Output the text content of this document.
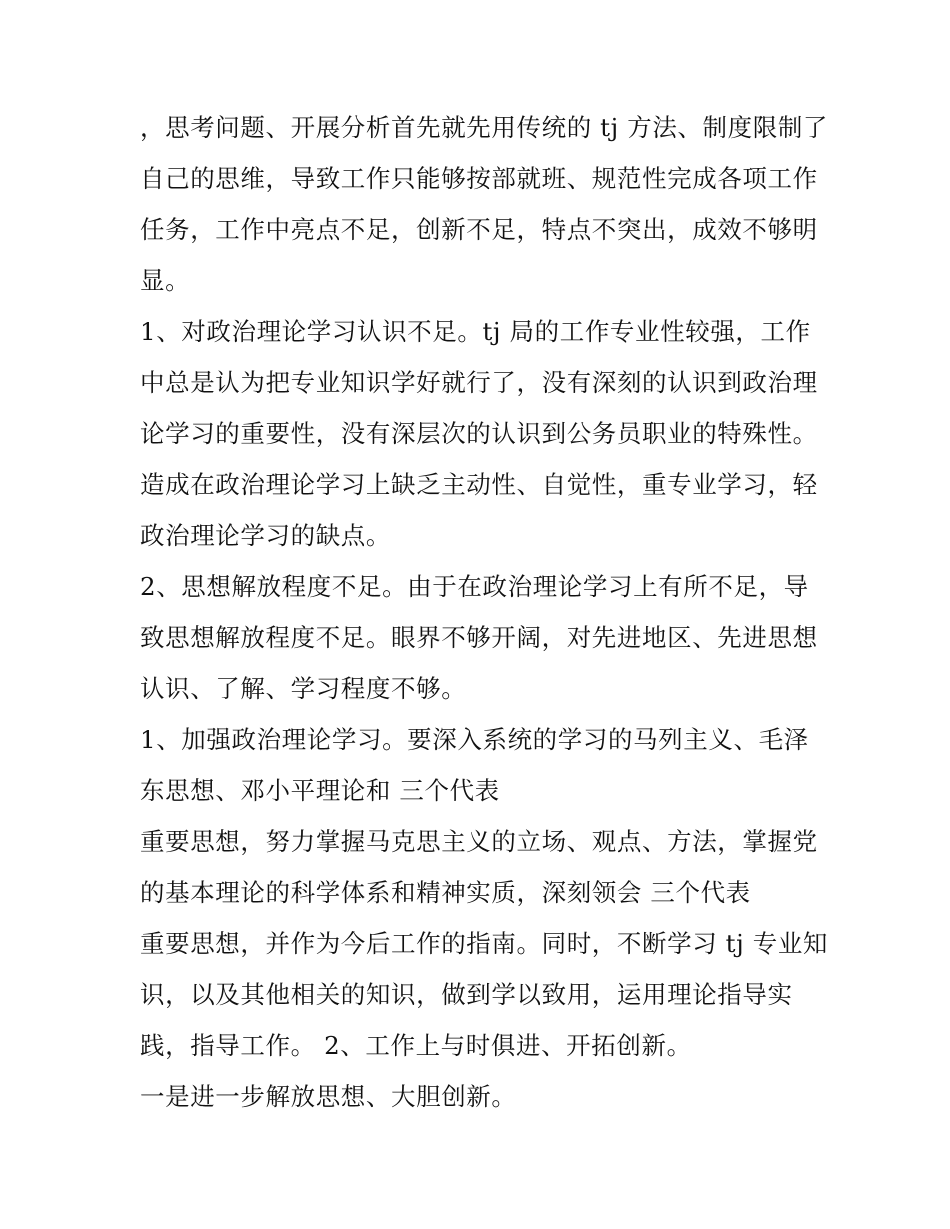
，思考问题、开展分析首先就先用传统的 tj 方法、制度限制了
自己的思维，导致工作只能够按部就班、规范性完成各项工作
任务，工作中亮点不足，创新不足，特点不突出，成效不够明
显。
1、对政治理论学习认识不足。tj 局的工作专业性较强，工作
中总是认为把专业知识学好就行了，没有深刻的认识到政治理
论学习的重要性，没有深层次的认识到公务员职业的特殊性。
造成在政治理论学习上缺乏主动性、自觉性，重专业学习，轻
政治理论学习的缺点。
2、思想解放程度不足。由于在政治理论学习上有所不足，导
致思想解放程度不足。眼界不够开阔，对先进地区、先进思想
认识、了解、学习程度不够。
1、加强政治理论学习。要深入系统的学习的马列主义、毛泽
东思想、邓小平理论和 三个代表
重要思想，努力掌握马克思主义的立场、观点、方法，掌握党
的基本理论的科学体系和精神实质，深刻领会 三个代表
重要思想，并作为今后工作的指南。同时，不断学习 tj 专业知
识，以及其他相关的知识，做到学以致用，运用理论指导实
践，指导工作。 2、工作上与时俱进、开拓创新。
一是进一步解放思想、大胆创新。
